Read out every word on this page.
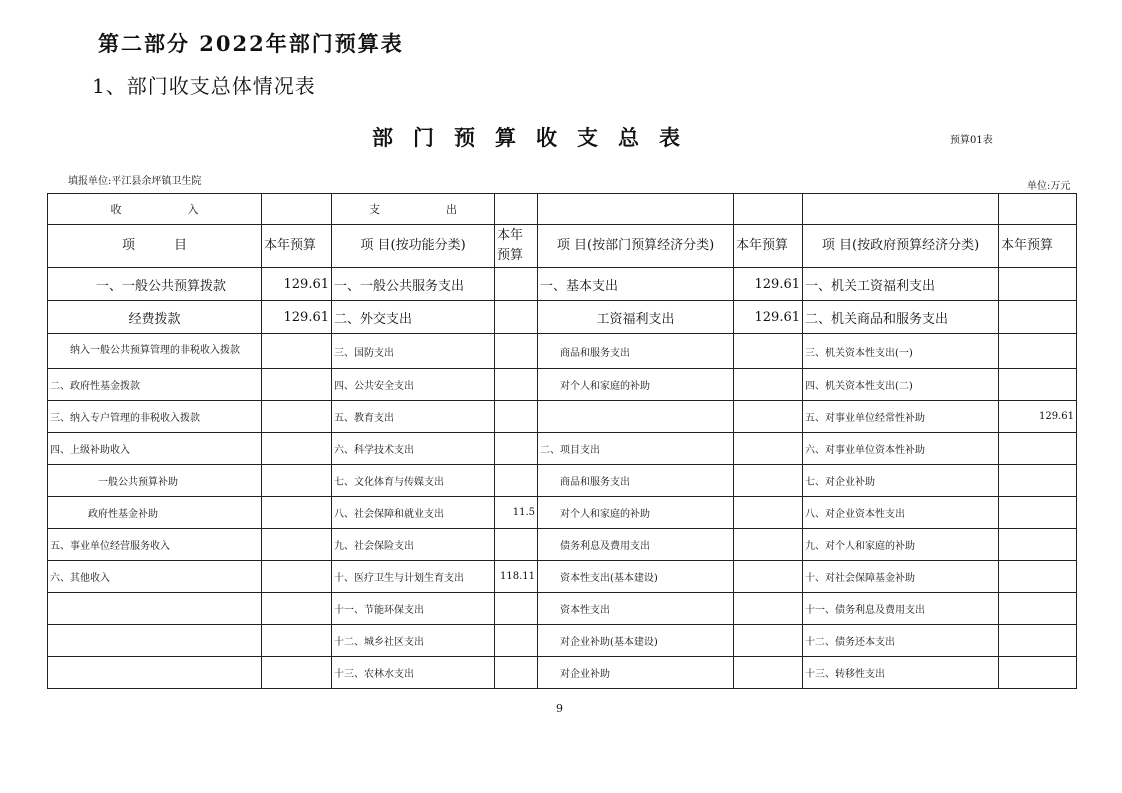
第二部分 2022年部门预算表
1、部门收支总体情况表
部门预算收支总表	预算01表
填报单位:平江县余坪镇卫生院	单位:万元
收　　　　　　入		支　　　　　　出					
项　　　目	本年预算	项 目(按功能分类)	本年预算	项 目(按部门预算经济分类)	本年预算	项 目(按政府预算经济分类)	本年预算
　一、一般公共预算拨款	129.61	一、一般公共服务支出		一、基本支出	129.61	一、机关工资福利支出	
经费拨款	129.61	二、外交支出		工资福利支出	129.61	二、机关商品和服务支出	
　　纳入一般公共预算管理的非税收入拨款		三、国防支出		　　商品和服务支出		三、机关资本性支出(一)	
二、政府性基金拨款		四、公共安全支出		　　对个人和家庭的补助		四、机关资本性支出(二)	
三、纳入专户管理的非税收入拨款		五、教育支出				五、对事业单位经常性补助	129.61
四、上级补助收入		六、科学技术支出		二、项目支出		六、对事业单位资本性补助	
　一般公共预算补助		七、文化体育与传媒支出		　　商品和服务支出		七、对企业补助	
　　政府性基金补助		八、社会保障和就业支出	11.5	　　对个人和家庭的补助		八、对企业资本性支出	
五、事业单位经营服务收入		九、社会保险支出		　　债务利息及费用支出		九、对个人和家庭的补助	
六、其他收入		十、医疗卫生与计划生育支出	118.11	　　资本性支出(基本建设)		十、对社会保障基金补助	
		十一、节能环保支出		　　资本性支出		十一、债务利息及费用支出	
		十二、城乡社区支出		　　对企业补助(基本建设)		十二、债务还本支出	
		十三、农林水支出		　　对企业补助		十三、转移性支出	
9
